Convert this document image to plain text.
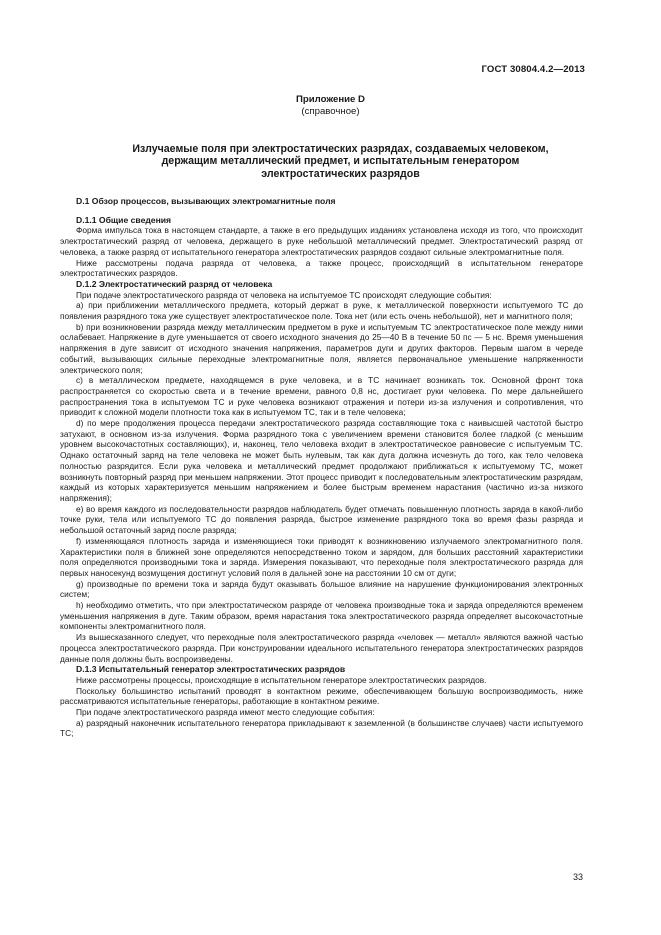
ГОСТ 30804.4.2—2013
Приложение D
(справочное)
Излучаемые поля при электростатических разрядах, создаваемых человеком,
держащим металлический предмет, и испытательным генератором
электростатических разрядов
D.1 Обзор процессов, вызывающих электромагнитные поля
D.1.1 Общие сведения

Форма импульса тока в настоящем стандарте, а также в его предыдущих изданиях установлена исходя из того, что происходит электростатический разряд от человека, держащего в руке небольшой металлический предмет. Электростатический разряд от человека, а также разряд от испытательного генератора электростатических разрядов создают сильные электромагнитные поля.

Ниже рассмотрены подача разряда от человека, а также процесс, происходящий в испытательном генераторе электростатических разрядов.

D.1.2 Электростатический разряд от человека

При подаче электростатического разряда от человека на испытуемое ТС происходят следующие события:

а) при приближении металлического предмета, который держат в руке, к металлической поверхности испытуемого ТС до появления разрядного тока уже существует электростатическое поле. Тока нет (или есть очень небольшой), нет и магнитного поля;

b) при возникновении разряда между металлическим предметом в руке и испытуемым ТС электростатическое поле между ними ослабевает. Напряжение в дуге уменьшается от своего исходного значения до 25—40 В в течение 50 пс — 5 нс. Время уменьшения напряжения в дуге зависит от исходного значения напряжения, параметров дуги и других факторов. Первым шагом в череде событий, вызывающих сильные переходные электромагнитные поля, является первоначальное уменьшение напряженности электрического поля;

с) в металлическом предмете, находящемся в руке человека, и в ТС начинает возникать ток. Основной фронт тока распространяется со скоростью света и в течение времени, равного 0,8 нс, достигает руки человека. По мере дальнейшего распространения тока в испытуемом ТС и руке человека возникают отражения и потери из-за излучения и сопротивления, что приводит к сложной модели плотности тока как в испытуемом ТС, так и в теле человека;

d) по мере продолжения процесса передачи электростатического разряда составляющие тока с наивысшей частотой быстро затухают, в основном из-за излучения. Форма разрядного тока с увеличением времени становится более гладкой (с меньшим уровнем высокочастотных составляющих), и, наконец, тело человека входит в электростатическое равновесие с испытуемым ТС. Однако остаточный заряд на теле человека не может быть нулевым, так как дуга должна исчезнуть до того, как тело человека полностью разрядится. Если рука человека и металлический предмет продолжают приближаться к испытуемому ТС, может возникнуть повторный разряд при меньшем напряжении. Этот процесс приводит к последовательным электростатическим разрядам, каждый из которых характеризуется меньшим напряжением и более быстрым временем нарастания (частично из-за низкого напряжения);

е) во время каждого из последовательности разрядов наблюдатель будет отмечать повышенную плотность заряда в какой-либо точке руки, тела или испытуемого ТС до появления разряда, быстрое изменение разрядного тока во время фазы разряда и небольшой остаточный заряд после разряда;

f) изменяющаяся плотность заряда и изменяющиеся токи приводят к возникновению излучаемого электромагнитного поля. Характеристики поля в ближней зоне определяются непосредственно током и зарядом, для больших расстояний характеристики поля определяются производными тока и заряда. Измерения показывают, что переходные поля электростатического разряда для первых наносекунд возмущения достигнут условий поля в дальней зоне на расстоянии 10 см от дуги;

g) производные по времени тока и заряда будут оказывать большое влияние на нарушение функционирования электронных систем;

h) необходимо отметить, что при электростатическом разряде от человека производные тока и заряда определяются временем уменьшения напряжения в дуге. Таким образом, время нарастания тока электростатического разряда определяет высокочастотные компоненты электромагнитного поля.

Из вышесказанного следует, что переходные поля электростатического разряда «человек — металл» являются важной частью процесса электростатического разряда. При конструировании идеального испытательного генератора электростатических разрядов данные поля должны быть воспроизведены.

D.1.3 Испытательный генератор электростатических разрядов

Ниже рассмотрены процессы, происходящие в испытательном генераторе электростатических разрядов.

Поскольку большинство испытаний проводят в контактном режиме, обеспечивающем большую воспроизводимость, ниже рассматриваются испытательные генераторы, работающие в контактном режиме.

При подаче электростатического разряда имеют место следующие события:

а) разрядный наконечник испытательного генератора прикладывают к заземленной (в большинстве случаев) части испытуемого ТС;

33
